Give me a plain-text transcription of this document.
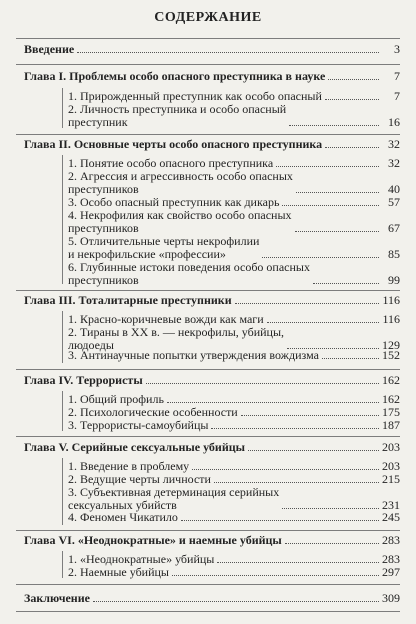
СОДЕРЖАНИЕ
Введение	3
Глава I. Проблемы особо опасного преступника в науке	7
1. Прирожденный преступник как особо опасный	7
2. Личность преступника и особо опасный
преступник	16
Глава II. Основные черты особо опасного преступника	32
1. Понятие особо опасного преступника	32
2. Агрессия и агрессивность особо опасных
преступников	40
3. Особо опасный преступник как дикарь	57
4. Некрофилия как свойство особо опасных
преступников	67
5. Отличительные черты некрофилии
и некрофильские «профессии»	85
6. Глубинные истоки поведения особо опасных
преступников	99
Глава III. Тоталитарные преступники	116
1. Красно-коричневые вожди как маги	116
2. Тираны в XX в. — некрофилы, убийцы,
людоеды	129
3. Антинаучные попытки утверждения вождизма	152
Глава IV. Террористы	162
1. Общий профиль	162
2. Психологические особенности	175
3. Террористы-самоубийцы	187
Глава V. Серийные сексуальные убийцы	203
1. Введение в проблему	203
2. Ведущие черты личности	215
3. Субъективная детерминация серийных
сексуальных убийств	231
4. Феномен Чикатило	245
Глава VI. «Неоднократные» и наемные убийцы	283
1. «Неоднократные» убийцы	283
2. Наемные убийцы	297
Заключение	309
